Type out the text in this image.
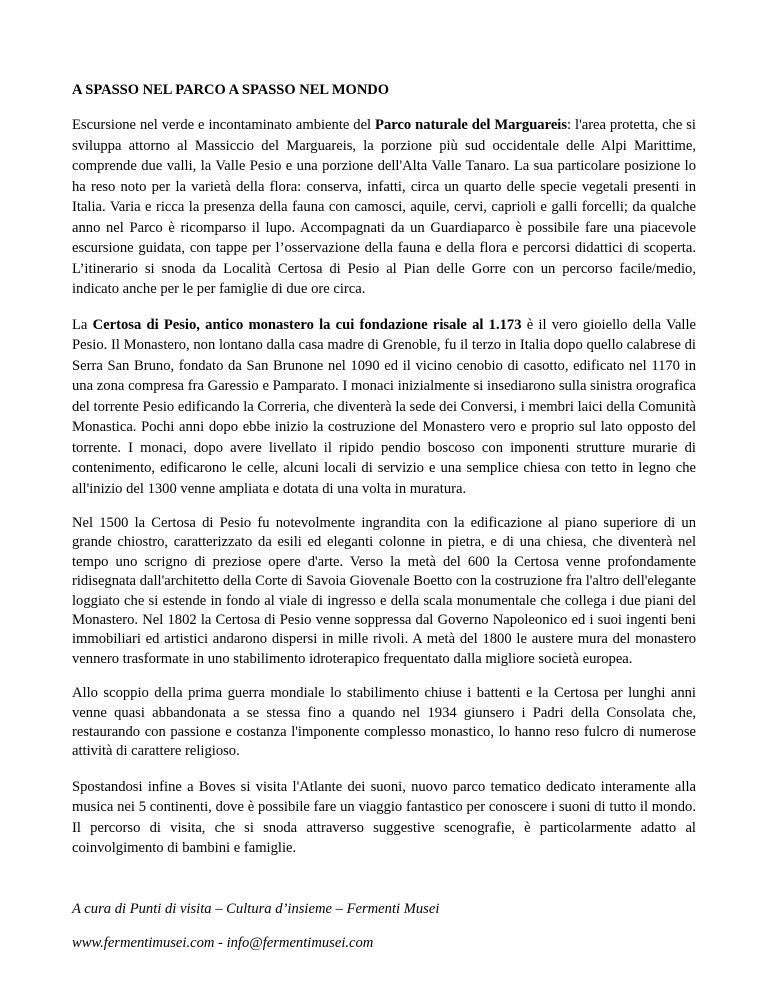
A SPASSO NEL PARCO A SPASSO NEL MONDO

Escursione nel verde e incontaminato ambiente del Parco naturale del Marguareis: l'area protetta, che si sviluppa attorno al Massiccio del Marguareis, la porzione più sud occidentale delle Alpi Marittime, comprende due valli, la Valle Pesio e una porzione dell'Alta Valle Tanaro. La sua particolare posizione lo ha reso noto per la varietà della flora: conserva, infatti, circa un quarto delle specie vegetali presenti in Italia. Varia e ricca la presenza della fauna con camosci, aquile, cervi, caprioli e galli forcelli; da qualche anno nel Parco è ricomparso il lupo. Accompagnati da un Guardiaparco è possibile fare una piacevole escursione guidata, con tappe per l’osservazione della fauna e della flora e percorsi didattici di scoperta. L’itinerario si snoda da Località Certosa di Pesio al Pian delle Gorre con un percorso facile/medio, indicato anche per le per famiglie di due ore circa.

La Certosa di Pesio, antico monastero la cui fondazione risale al 1.173 è il vero gioiello della Valle Pesio. Il Monastero, non lontano dalla casa madre di Grenoble, fu il terzo in Italia dopo quello calabrese di Serra San Bruno, fondato da San Brunone nel 1090 ed il vicino cenobio di casotto, edificato nel 1170 in una zona compresa fra Garessio e Pamparato. I monaci inizialmente si insediarono sulla sinistra orografica del torrente Pesio edificando la Correria, che diventerà la sede dei Conversi, i membri laici della Comunità Monastica. Pochi anni dopo ebbe inizio la costruzione del Monastero vero e proprio sul lato opposto del torrente. I monaci, dopo avere livellato il ripido pendio boscoso con imponenti strutture murarie di contenimento, edificarono le celle, alcuni locali di servizio e una semplice chiesa con tetto in legno che all'inizio del 1300 venne ampliata e dotata di una volta in muratura.

Nel 1500 la Certosa di Pesio fu notevolmente ingrandita con la edificazione al piano superiore di un grande chiostro, caratterizzato da esili ed eleganti colonne in pietra, e di una chiesa, che diventerà nel tempo uno scrigno di preziose opere d'arte. Verso la metà del 600 la Certosa venne profondamente ridisegnata dall'architetto della Corte di Savoia Giovenale Boetto con la costruzione fra l'altro dell'elegante loggiato che si estende in fondo al viale di ingresso e della scala monumentale che collega i due piani del Monastero. Nel 1802 la Certosa di Pesio venne soppressa dal Governo Napoleonico ed i suoi ingenti beni immobiliari ed artistici andarono dispersi in mille rivoli. A metà del 1800 le austere mura del monastero vennero trasformate in uno stabilimento idroterapico frequentato dalla migliore società europea.

Allo scoppio della prima guerra mondiale lo stabilimento chiuse i battenti e la Certosa per lunghi anni venne quasi abbandonata a se stessa fino a quando nel 1934 giunsero i Padri della Consolata che, restaurando con passione e costanza l'imponente complesso monastico, lo hanno reso fulcro di numerose attività di carattere religioso.

Spostandosi infine a Boves si visita l'Atlante dei suoni, nuovo parco tematico dedicato interamente alla musica nei 5 continenti, dove è possibile fare un viaggio fantastico per conoscere i suoni di tutto il mondo. Il percorso di visita, che si snoda attraverso suggestive scenografie, è particolarmente adatto al coinvolgimento di bambini e famiglie.

A cura di Punti di visita – Cultura d’insieme – Fermenti Musei
www.fermentimusei.com - info@fermentimusei.com
